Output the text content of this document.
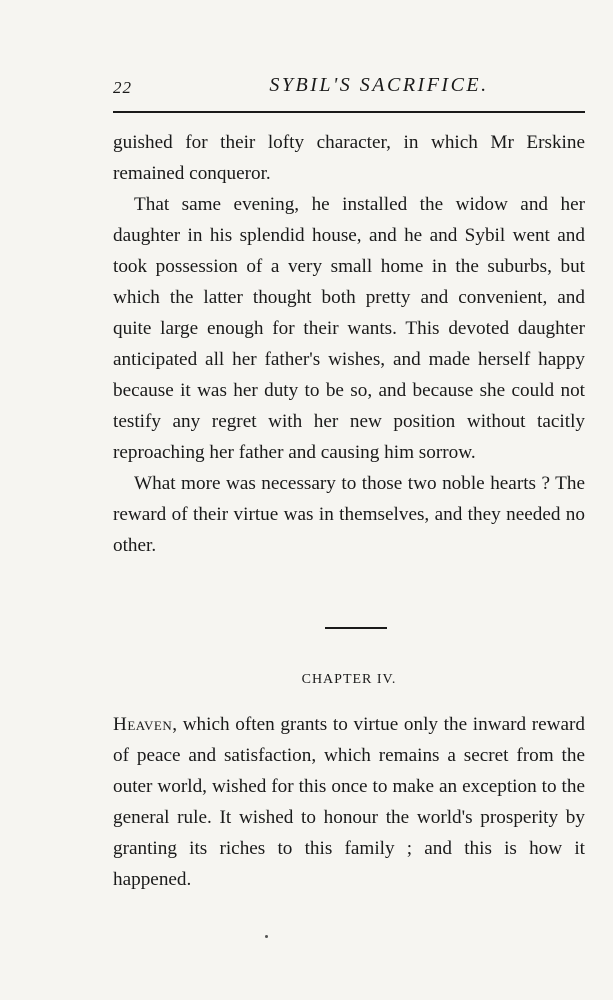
22	SYBIL'S SACRIFICE.

guished for their lofty character, in which Mr Erskine remained conqueror.

That same evening, he installed the widow and her daughter in his splendid house, and he and Sybil went and took possession of a very small home in the suburbs, but which the latter thought both pretty and convenient, and quite large enough for their wants. This devoted daughter anticipated all her father's wishes, and made herself happy because it was her duty to be so, and because she could not testify any regret with her new position without tacitly reproaching her father and causing him sorrow.

What more was necessary to those two noble hearts ? The reward of their virtue was in themselves, and they needed no other.

CHAPTER IV.

Heaven, which often grants to virtue only the inward reward of peace and satisfaction, which remains a secret from the outer world, wished for this once to make an exception to the general rule. It wished to honour the world's prosperity by granting its riches to this family ; and this is how it happened.
